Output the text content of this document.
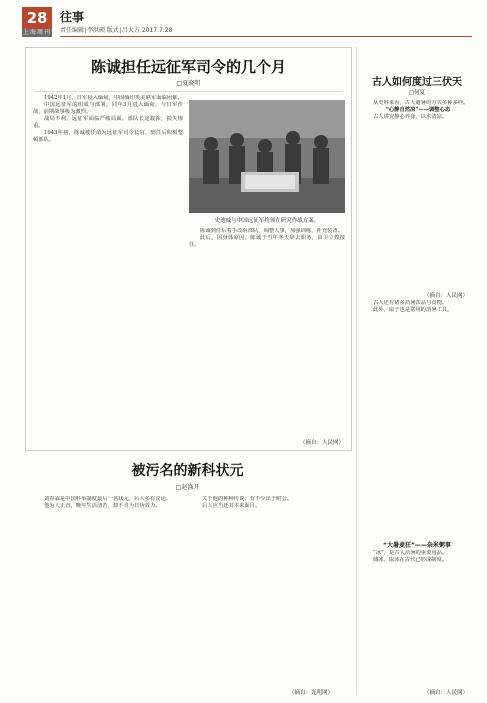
28
上海周刊
往事
责任编辑∣李洪硕 版式∣吕大方 2017.7.28
陈诚担任远征军司令的几个月
□夏晓明

1942年1月，日军侵入缅甸，中国缅印英美联军面临困难。

中国远征军的组成与部署，同年3月进入缅甸，与日军作战，前期战事极为激烈。

战局不利，远征军面临严峻局面，部队长途跋涉，损失惨重。

1943年初，陈诚被任命为远征军司令长官，到任后积极整顿部队。

史迪威与中国远征军将领在研究作战方案。

陈诚到任后着手改组部队，调整人事，加强训练，补充装备。

此后，因身体原因，陈诚于当年冬天辞去职务，由卫立煌接任。

（摘自：人民网）
被污名的新科状元
□赵涤开

刘春霖是中国科举制度最后一名状元，后人多有议论。

他为人正直，晚年生活清苦，却不肯为日伪效力。

关于他的种种传说，有不少出于附会。

后人应当还其本来面目。

（摘自：光明网）
古人如何度过三伏天
□何夏

从史料来看，古人避暑的方式多种多样。

“心静自然凉”——调整心态

古人讲究静心养身，以求清凉。

（摘自：人民网）

古人还有诸多消暑饮品与食物。

此外，扇子也是常用的消暑工具。

“大暑麦狂”——杂米粥事

“冰”，是古人消暑的重要用品。

储冰、取冰在古代已形成制度。

（摘自：人民网）
